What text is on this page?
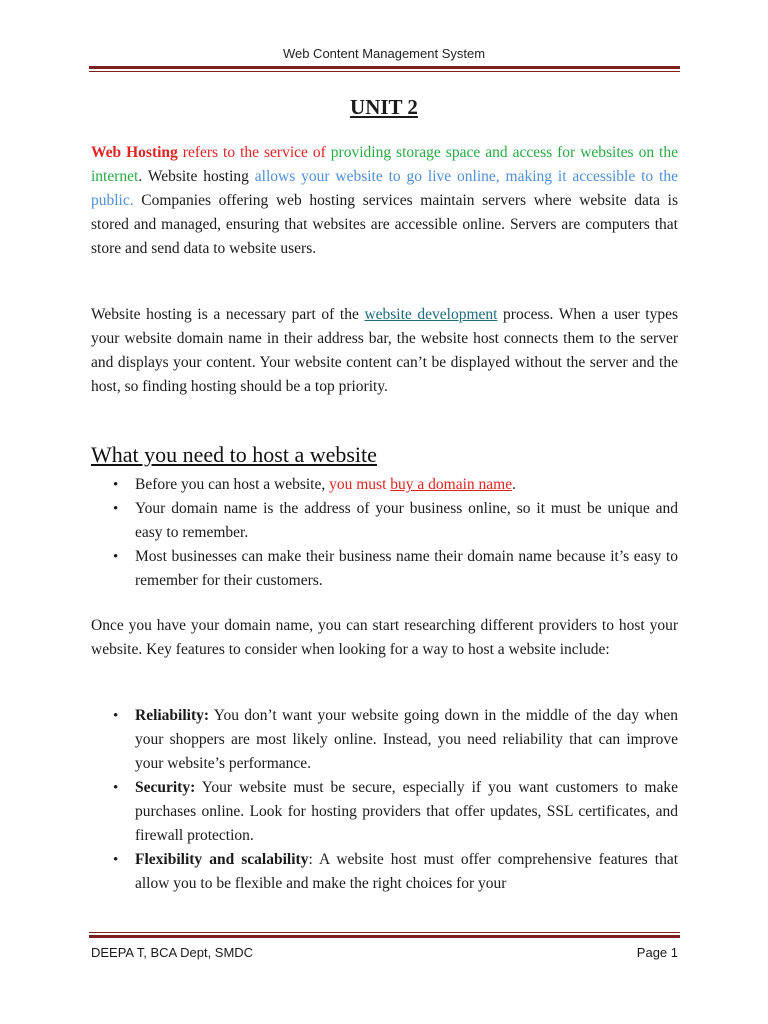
Web Content Management System
UNIT 2

Web Hosting refers to the service of providing storage space and access for websites on the internet. Website hosting allows your website to go live online, making it accessible to the public. Companies offering web hosting services maintain servers where website data is stored and managed, ensuring that websites are accessible online. Servers are computers that store and send data to website users.

Website hosting is a necessary part of the website development process. When a user types your website domain name in their address bar, the website host connects them to the server and displays your content. Your website content can’t be displayed without the server and the host, so finding hosting should be a top priority.

What you need to host a website
• Before you can host a website, you must buy a domain name.
• Your domain name is the address of your business online, so it must be unique and easy to remember.
• Most businesses can make their business name their domain name because it’s easy to remember for their customers.

Once you have your domain name, you can start researching different providers to host your website. Key features to consider when looking for a way to host a website include:

• Reliability: You don’t want your website going down in the middle of the day when your shoppers are most likely online. Instead, you need reliability that can improve your website’s performance.
• Security: Your website must be secure, especially if you want customers to make purchases online. Look for hosting providers that offer updates, SSL certificates, and firewall protection.
• Flexibility and scalability: A website host must offer comprehensive features that allow you to be flexible and make the right choices for your
DEEPA T, BCA Dept, SMDC	Page 1
